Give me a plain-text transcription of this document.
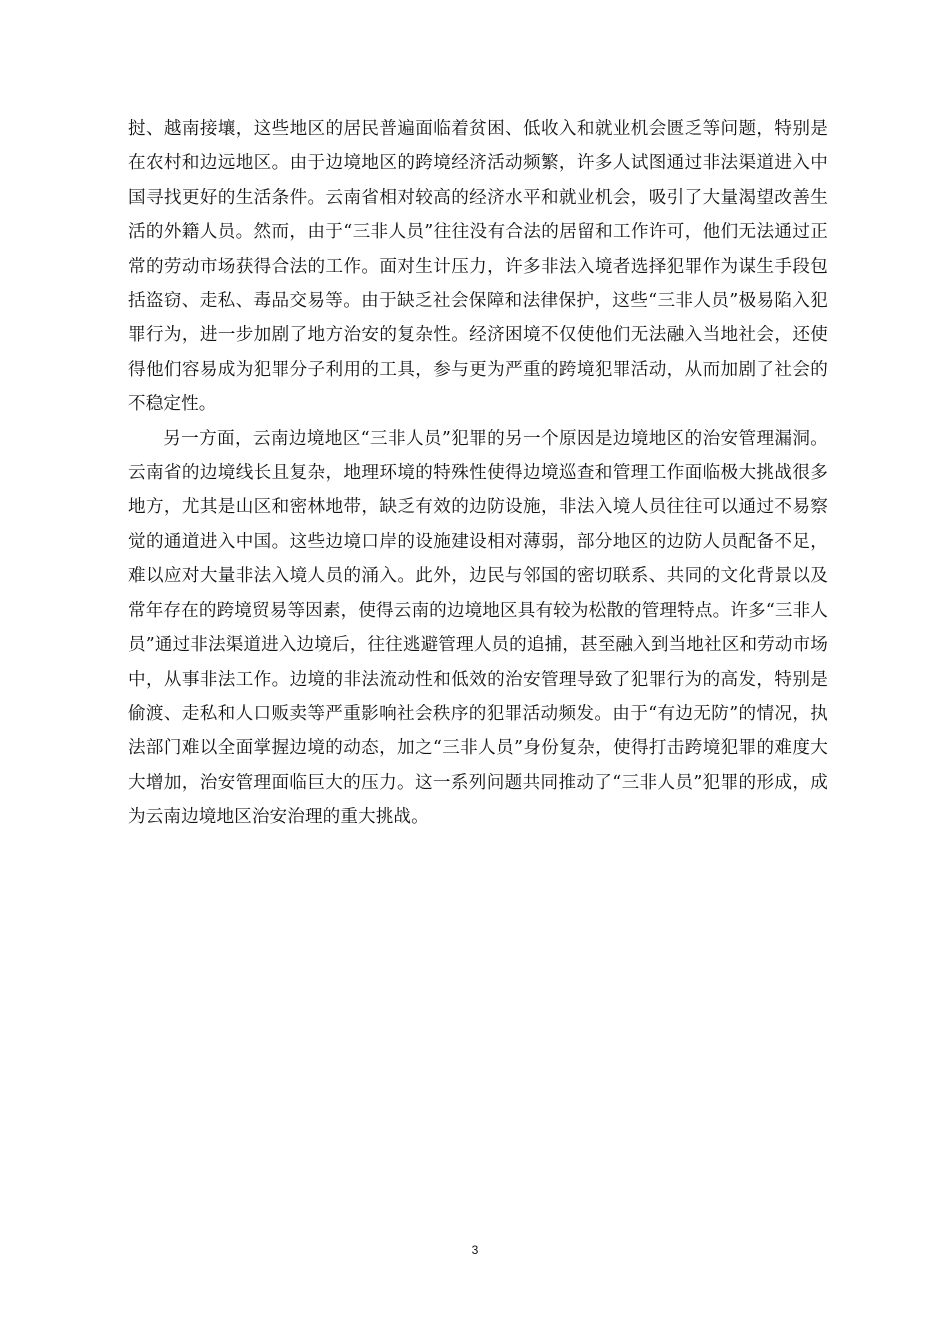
挝、越南接壤，这些地区的居民普遍面临着贫困、低收入和就业机会匮乏等问题，特别是在农村和边远地区。由于边境地区的跨境经济活动频繁，许多人试图通过非法渠道进入中国寻找更好的生活条件。云南省相对较高的经济水平和就业机会，吸引了大量渴望改善生活的外籍人员。然而，由于“三非人员”往往没有合法的居留和工作许可，他们无法通过正常的劳动市场获得合法的工作。面对生计压力，许多非法入境者选择犯罪作为谋生手段包括盗窃、走私、毒品交易等。由于缺乏社会保障和法律保护，这些“三非人员”极易陷入犯罪行为，进一步加剧了地方治安的复杂性。经济困境不仅使他们无法融入当地社会，还使得他们容易成为犯罪分子利用的工具，参与更为严重的跨境犯罪活动，从而加剧了社会的不稳定性。

另一方面，云南边境地区“三非人员”犯罪的另一个原因是边境地区的治安管理漏洞。云南省的边境线长且复杂，地理环境的特殊性使得边境巡查和管理工作面临极大挑战很多地方，尤其是山区和密林地带，缺乏有效的边防设施，非法入境人员往往可以通过不易察觉的通道进入中国。这些边境口岸的设施建设相对薄弱，部分地区的边防人员配备不足，难以应对大量非法入境人员的涌入。此外，边民与邻国的密切联系、共同的文化背景以及常年存在的跨境贸易等因素，使得云南的边境地区具有较为松散的管理特点。许多“三非人员”通过非法渠道进入边境后，往往逃避管理人员的追捕，甚至融入到当地社区和劳动市场中，从事非法工作。边境的非法流动性和低效的治安管理导致了犯罪行为的高发，特别是偷渡、走私和人口贩卖等严重影响社会秩序的犯罪活动频发。由于“有边无防”的情况，执法部门难以全面掌握边境的动态，加之“三非人员”身份复杂，使得打击跨境犯罪的难度大大增加，治安管理面临巨大的压力。这一系列问题共同推动了“三非人员”犯罪的形成，成为云南边境地区治安治理的重大挑战。

3
